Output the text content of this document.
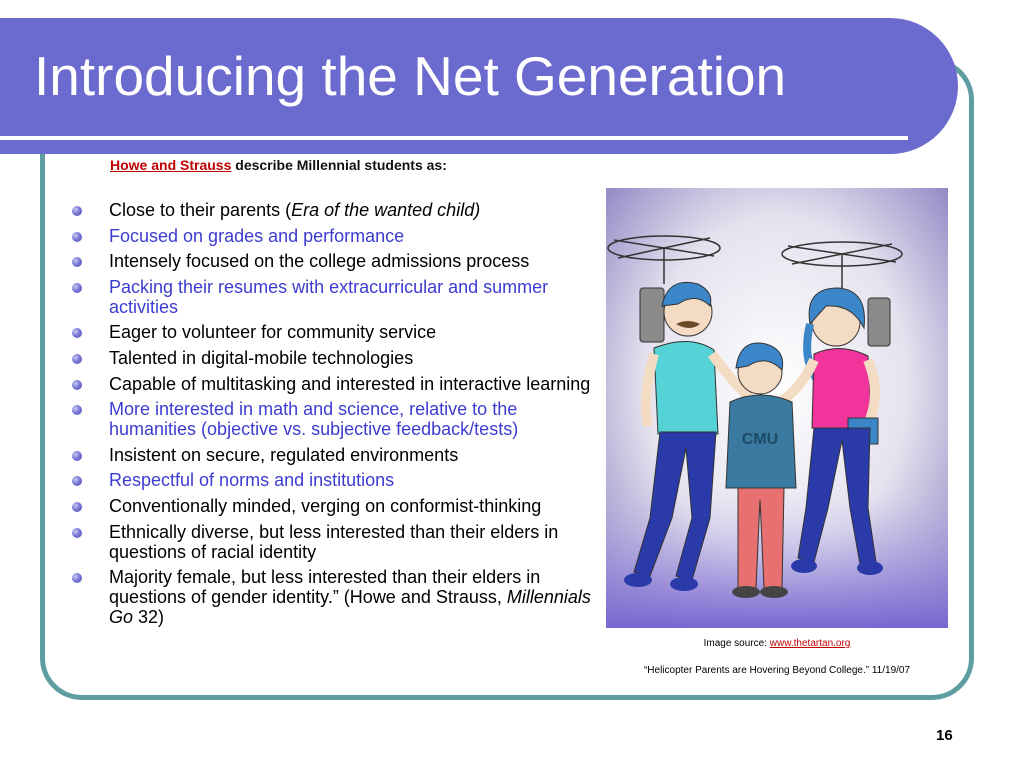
Introducing the Net Generation
Howe and Strauss describe Millennial students as:
Close to their parents (Era of the wanted child)
Focused on grades and performance
Intensely focused on the college admissions process
Packing their resumes with extracurricular and summer activities
Eager to volunteer for community service
Talented in digital-mobile technologies
Capable of multitasking and interested in interactive learning
More interested in math and science, relative to the humanities (objective vs. subjective feedback/tests)
Insistent on secure, regulated environments
Respectful of norms and institutions
Conventionally minded, verging on conformist-thinking
Ethnically diverse, but less interested than their elders in questions of racial identity
Majority female, but less interested than their elders in questions of gender identity.” (Howe and Strauss, Millennials Go 32)
CMU
Image source: www.thetartan.org
“Helicopter Parents are Hovering Beyond College.” 11/19/07
16
